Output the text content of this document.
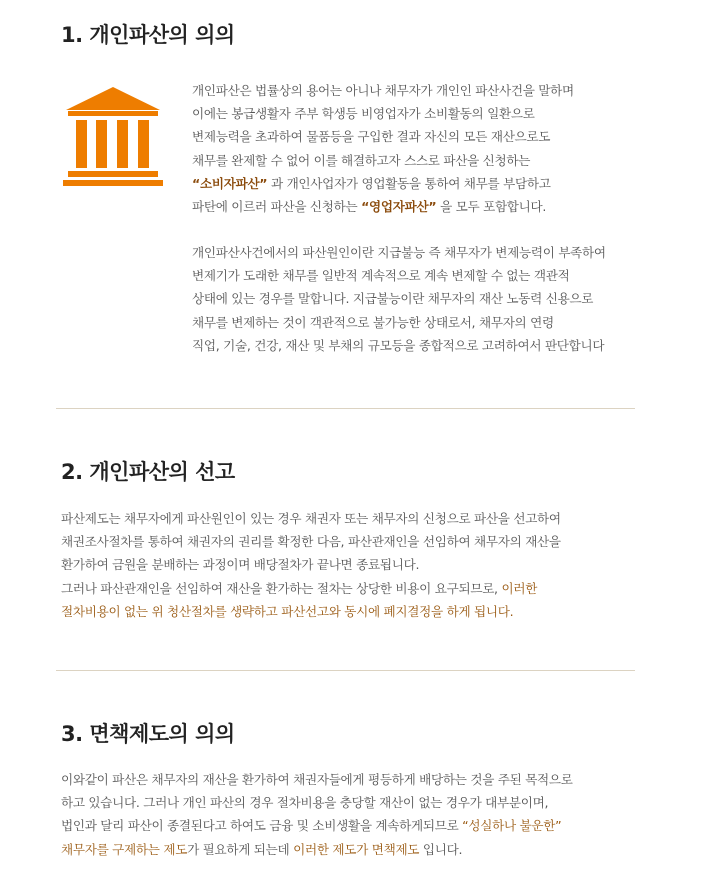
1. 개인파산의 의의
개인파산은 법률상의 용어는 아니나 채무자가 개인인 파산사건을 말하며
이에는 봉급생활자 주부 학생등 비영업자가 소비활동의 일환으로
변제능력을 초과하여 물품등을 구입한 결과 자신의 모든 재산으로도
채무를 완제할 수 없어 이를 해결하고자 스스로 파산을 신청하는
“소비자파산” 과 개인사업자가 영업활동을 통하여 채무를 부담하고
파탄에 이르러 파산을 신청하는 “영업자파산” 을 모두 포함합니다.
개인파산사건에서의 파산원인이란 지급불능 즉 채무자가 변제능력이 부족하여
변제기가 도래한 채무를 일반적 계속적으로 계속 변제할 수 없는 객관적
상태에 있는 경우를 말합니다. 지급불능이란 채무자의 재산 노동력 신용으로
채무를 변제하는 것이 객관적으로 불가능한 상태로서, 채무자의 연령
직업, 기술, 건강, 재산 및 부채의 규모등을 종합적으로 고려하여서 판단합니다
2. 개인파산의 선고
파산제도는 채무자에게 파산원인이 있는 경우 채권자 또는 채무자의 신청으로 파산을 선고하여
채권조사절차를 통하여 채권자의 권리를 확정한 다음, 파산관재인을 선임하여 채무자의 재산을
환가하여 금원을 분배하는 과정이며 배당절차가 끝나면 종료됩니다.
그러나 파산관재인을 선임하여 재산을 환가하는 절차는 상당한 비용이 요구되므로, 이러한
절차비용이 없는 위 청산절차를 생략하고 파산선고와 동시에 폐지결정을 하게 됩니다.
3. 면책제도의 의의
이와같이 파산은 채무자의 재산을 환가하여 채권자들에게 평등하게 배당하는 것을 주된 목적으로
하고 있습니다. 그러나 개인 파산의 경우 절차비용을 충당할 재산이 없는 경우가 대부분이며,
법인과 달리 파산이 종결된다고 하여도 금융 및 소비생활을 계속하게되므로 “성실하나 불운한”
채무자를 구제하는 제도가 필요하게 되는데 이러한 제도가 면책제도 입니다.
